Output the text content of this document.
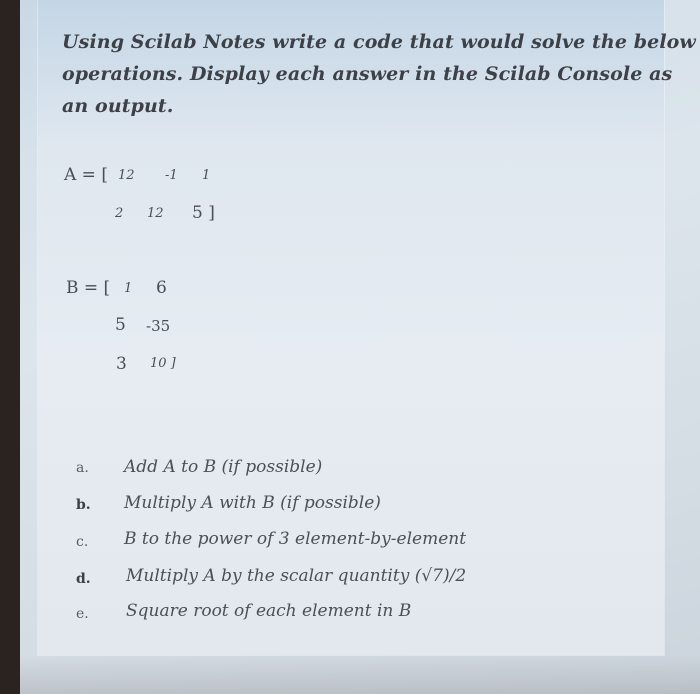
Using Scilab Notes write a code that would solve the below
operations. Display each answer in the Scilab Console as
an output.
A = [ 12 -1 1
2 12 5 ]
B = [ 1 6
5 -35
3 10 ]
a. Add A to B (if possible)
b. Multiply A with B (if possible)
c. B to the power of 3 element-by-element
d. Multiply A by the scalar quantity (√7)/2
e. Square root of each element in B
